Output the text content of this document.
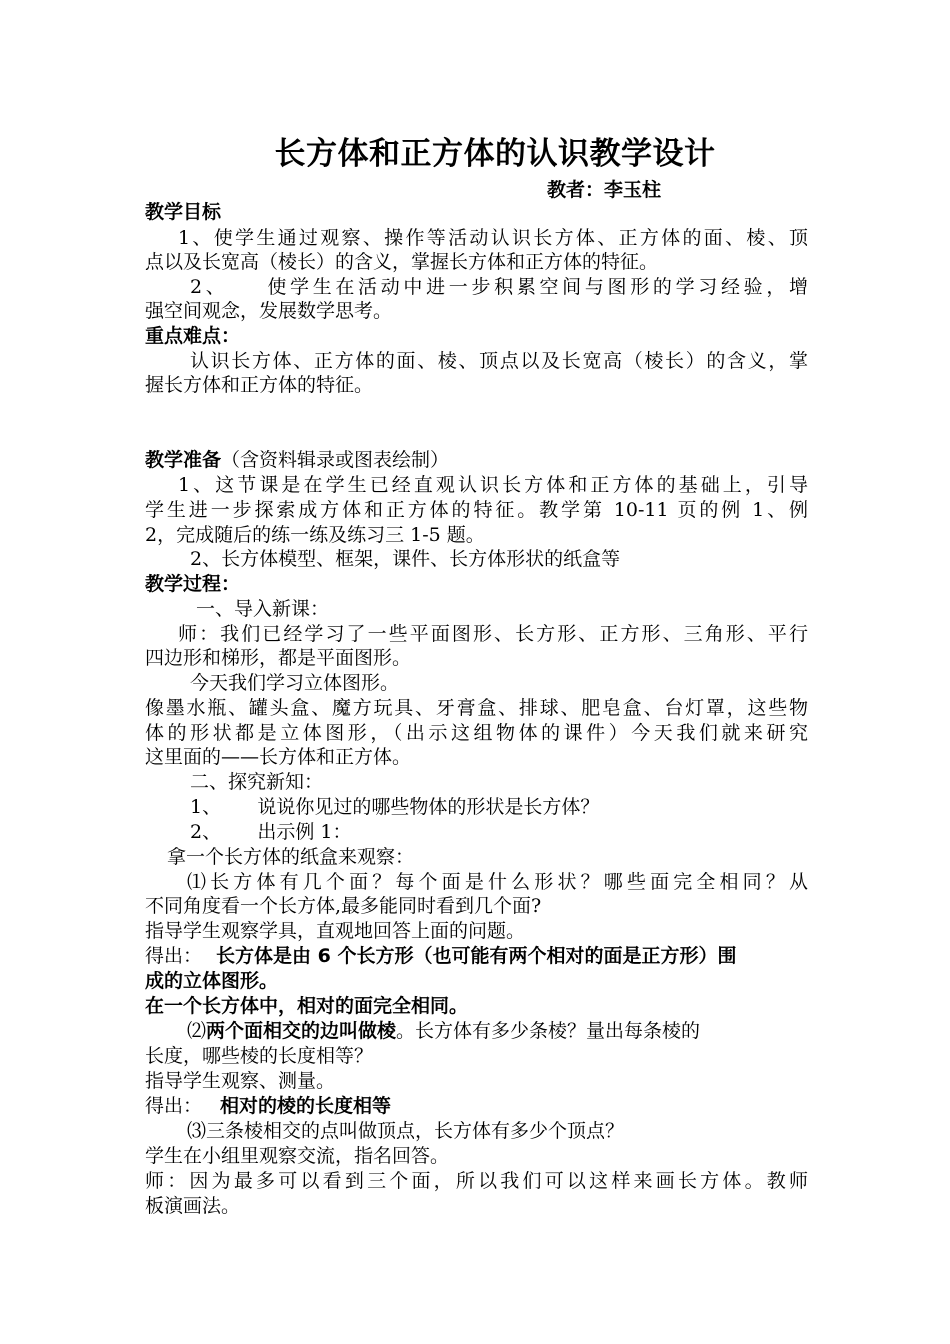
长方体和正方体的认识教学设计
教者：李玉柱
教学目标
1、使学生通过观察、操作等活动认识长方体、正方体的面、棱、顶
点以及长宽高（棱长）的含义，掌握长方体和正方体的特征。
2、    使学生在活动中进一步积累空间与图形的学习经验，增
强空间观念，发展数学思考。
重点难点：
认识长方体、正方体的面、棱、顶点以及长宽高（棱长）的含义，掌
握长方体和正方体的特征。
教学准备（含资料辑录或图表绘制）
1、这节课是在学生已经直观认识长方体和正方体的基础上，引导
学生进一步探索成方体和正方体的特征。教学第 10-11 页的例 1、例
2，完成随后的练一练及练习三 1-5 题。
2、长方体模型、框架，课件、长方体形状的纸盒等
教学过程：
一、导入新课：
师：我们已经学习了一些平面图形、长方形、正方形、三角形、平行
四边形和梯形，都是平面图形。
今天我们学习立体图形。
像墨水瓶、罐头盒、魔方玩具、牙膏盒、排球、肥皂盒、台灯罩，这些物
体的形状都是立体图形，（出示这组物体的课件）今天我们就来研究
这里面的——长方体和正方体。
二、探究新知：
1、      说说你见过的哪些物体的形状是长方体？
2、      出示例 1：
拿一个长方体的纸盒来观察：
⑴长方体有几个面？每个面是什么形状？哪些面完全相同？从
不同角度看一个长方体,最多能同时看到几个面?
指导学生观察学具，直观地回答上面的问题。
得出： 长方体是由 6 个长方形（也可能有两个相对的面是正方形）围
成的立体图形。
在一个长方体中，相对的面完全相同。
⑵两个面相交的边叫做棱。长方体有多少条棱？量出每条棱的
长度，哪些棱的长度相等？
指导学生观察、测量。
得出： 相对的棱的长度相等
⑶三条棱相交的点叫做顶点，长方体有多少个顶点？
学生在小组里观察交流，指名回答。
师：因为最多可以看到三个面，所以我们可以这样来画长方体。教师
板演画法。
